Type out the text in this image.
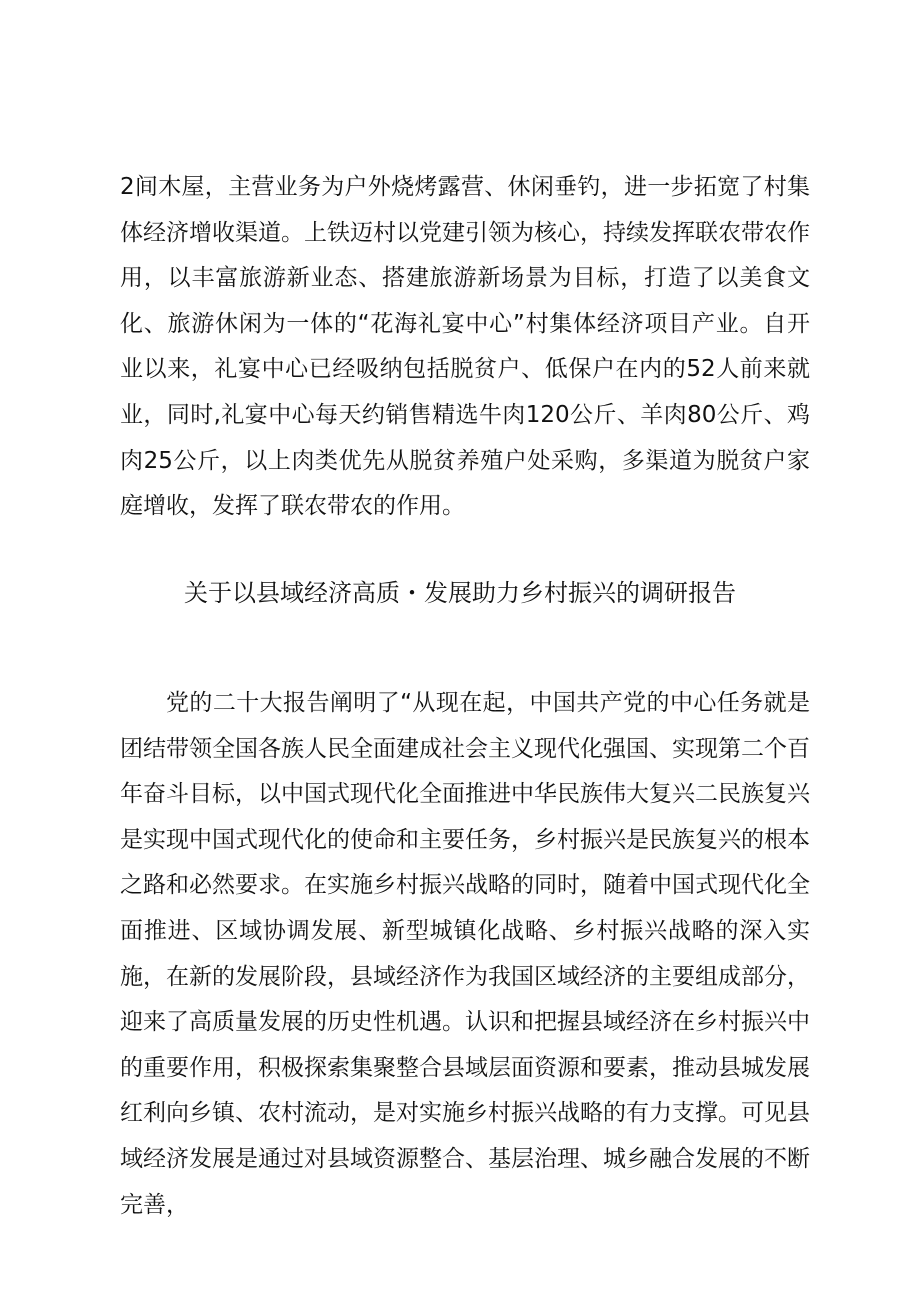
2间木屋，主营业务为户外烧烤露营、休闲垂钓，进一步拓宽了村集体经济增收渠道。上铁迈村以党建引领为核心，持续发挥联农带农作用，以丰富旅游新业态、搭建旅游新场景为目标，打造了以美食文化、旅游休闲为一体的“花海礼宴中心”村集体经济项目产业。自开业以来，礼宴中心已经吸纳包括脱贫户、低保户在内的52人前来就业，同时,礼宴中心每天约销售精选牛肉120公斤、羊肉80公斤、鸡肉25公斤，以上肉类优先从脱贫养殖户处采购，多渠道为脱贫户家庭增收，发挥了联农带农的作用。

关于以县域经济高质・发展助力乡村振兴的调研报告

党的二十大报告阐明了“从现在起，中国共产党的中心任务就是团结带领全国各族人民全面建成社会主义现代化强国、实现第二个百年奋斗目标，以中国式现代化全面推进中华民族伟大复兴二民族复兴是实现中国式现代化的使命和主要任务，乡村振兴是民族复兴的根本之路和必然要求。在实施乡村振兴战略的同时，随着中国式现代化全面推进、区域协调发展、新型城镇化战略、乡村振兴战略的深入实施，在新的发展阶段，县域经济作为我国区域经济的主要组成部分，迎来了高质量发展的历史性机遇。认识和把握县域经济在乡村振兴中的重要作用，积极探索集聚整合县域层面资源和要素，推动县城发展红利向乡镇、农村流动，是对实施乡村振兴战略的有力支撑。可见县域经济发展是通过对县域资源整合、基层治理、城乡融合发展的不断完善，
